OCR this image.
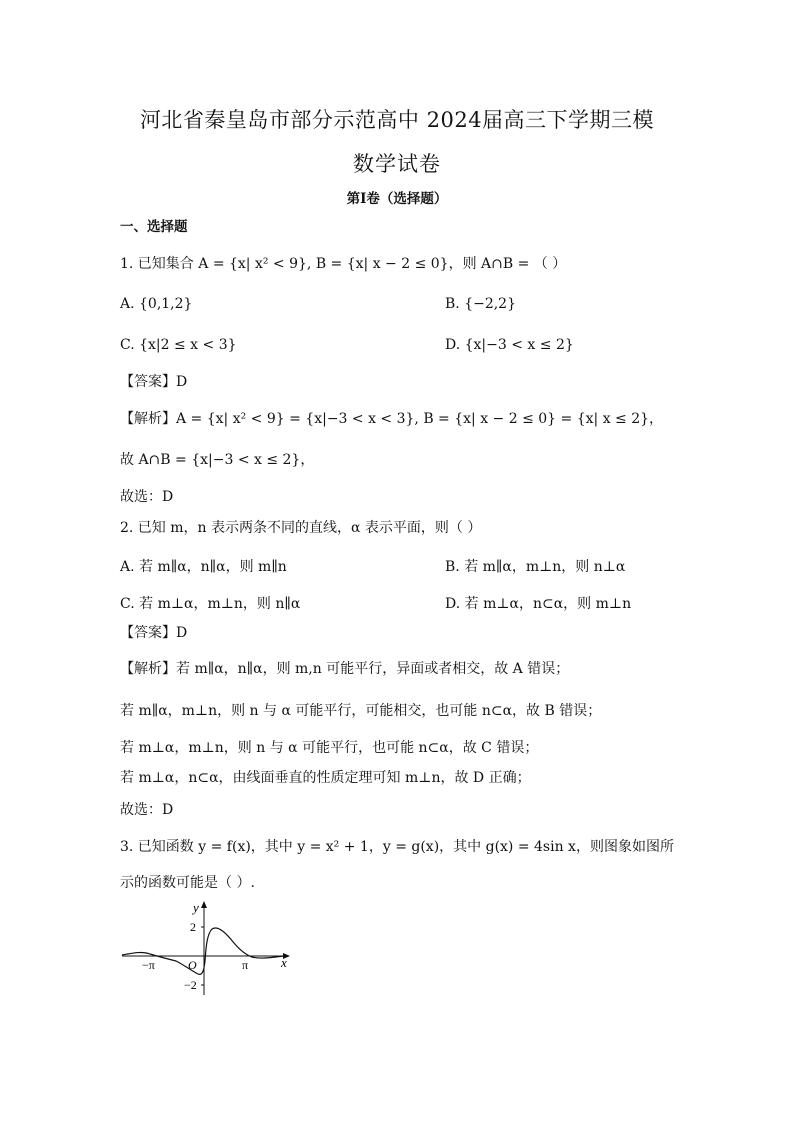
河北省秦皇岛市部分示范高中 2024届高三下学期三模
数学试卷
第Ⅰ卷（选择题）
一、选择题
1. 已知集合 A = {x| x² < 9}, B = {x| x − 2 ≤ 0}，则 A∩B = （ ）
A. {0,1,2}	B. {−2,2}
C. {x|2 ≤ x < 3}	D. {x|−3 < x ≤ 2}
【答案】D
【解析】A = {x| x² < 9} = {x|−3 < x < 3}, B = {x| x − 2 ≤ 0} = {x| x ≤ 2}，
故 A∩B = {x|−3 < x ≤ 2}，
故选：D
2. 已知 m，n 表示两条不同的直线，α 表示平面，则（ ）
A. 若 m∥α，n∥α，则 m∥n	B. 若 m∥α，m⊥n，则 n⊥α
C. 若 m⊥α，m⊥n，则 n∥α	D. 若 m⊥α，n⊂α，则 m⊥n
【答案】D
【解析】若 m∥α，n∥α，则 m,n 可能平行，异面或者相交，故 A 错误；
若 m∥α，m⊥n，则 n 与 α 可能平行，可能相交，也可能 n⊂α，故 B 错误；
若 m⊥α，m⊥n，则 n 与 α 可能平行，也可能 n⊂α，故 C 错误；
若 m⊥α，n⊂α，由线面垂直的性质定理可知 m⊥n，故 D 正确；
故选：D
3. 已知函数 y = f(x)，其中 y = x² + 1，y = g(x)，其中 g(x) = 4sin x，则图象如图所
示的函数可能是（ ）.
y
x
2
−2
−π	π
O
